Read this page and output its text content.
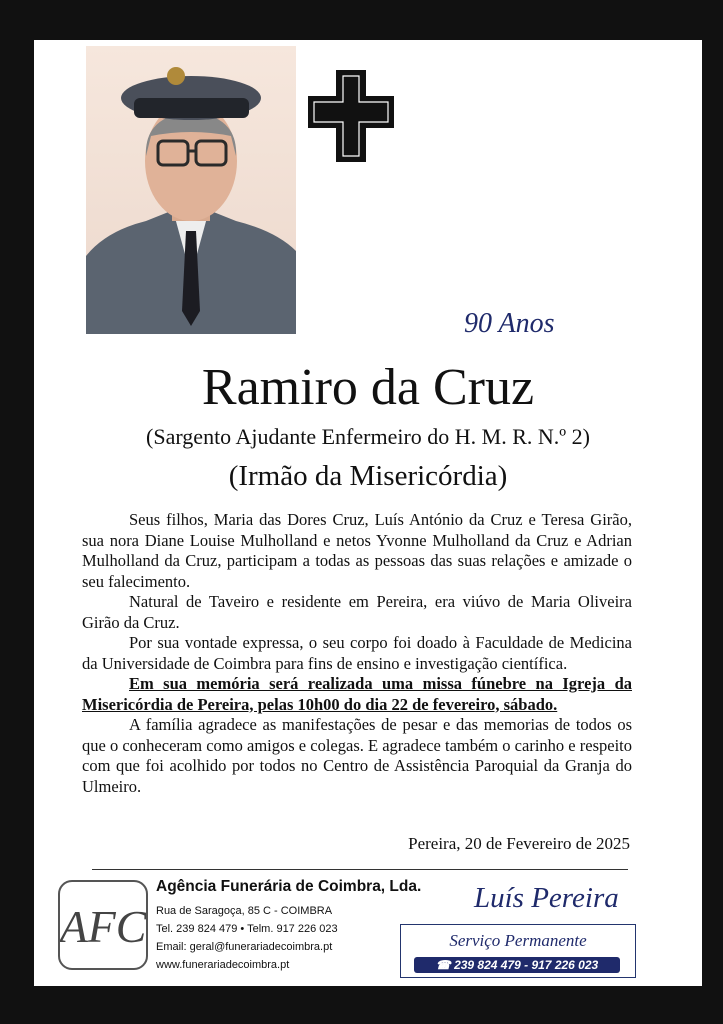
90 Anos
Ramiro da Cruz
(Sargento Ajudante Enfermeiro do H. M. R. N.º 2)
(Irmão da Misericórdia)

Seus filhos, Maria das Dores Cruz, Luís António da Cruz e Teresa Girão, sua nora Diane Louise Mulholland e netos Yvonne Mulholland da Cruz e Adrian Mulholland da Cruz, participam a todas as pessoas das suas relações e amizade o seu falecimento.

Natural de Taveiro e residente em Pereira, era viúvo de Maria Oliveira Girão da Cruz.

Por sua vontade expressa, o seu corpo foi doado à Faculdade de Medicina da Universidade de Coimbra para fins de ensino e investigação científica.

Em sua memória será realizada uma missa fúnebre na Igreja da Misericórdia de Pereira, pelas 10h00 do dia 22 de fevereiro, sábado.

A família agradece as manifestações de pesar e das memorias de todos os que o conheceram como amigos e colegas. E agradece também o carinho e respeito com que foi acolhido por todos no Centro de Assistência Paroquial da Granja do Ulmeiro.

Pereira, 20 de Fevereiro de 2025
AFC
Agência Funerária de Coimbra, Lda.
Rua de Saragoça, 85 C - COIMBRA
Tel. 239 824 479 • Telm. 917 226 023
Email: geral@funerariadecoimbra.pt
www.funerariadecoimbra.pt
Luís Pereira
Serviço Permanente
☎ 239 824 479 - 917 226 023
